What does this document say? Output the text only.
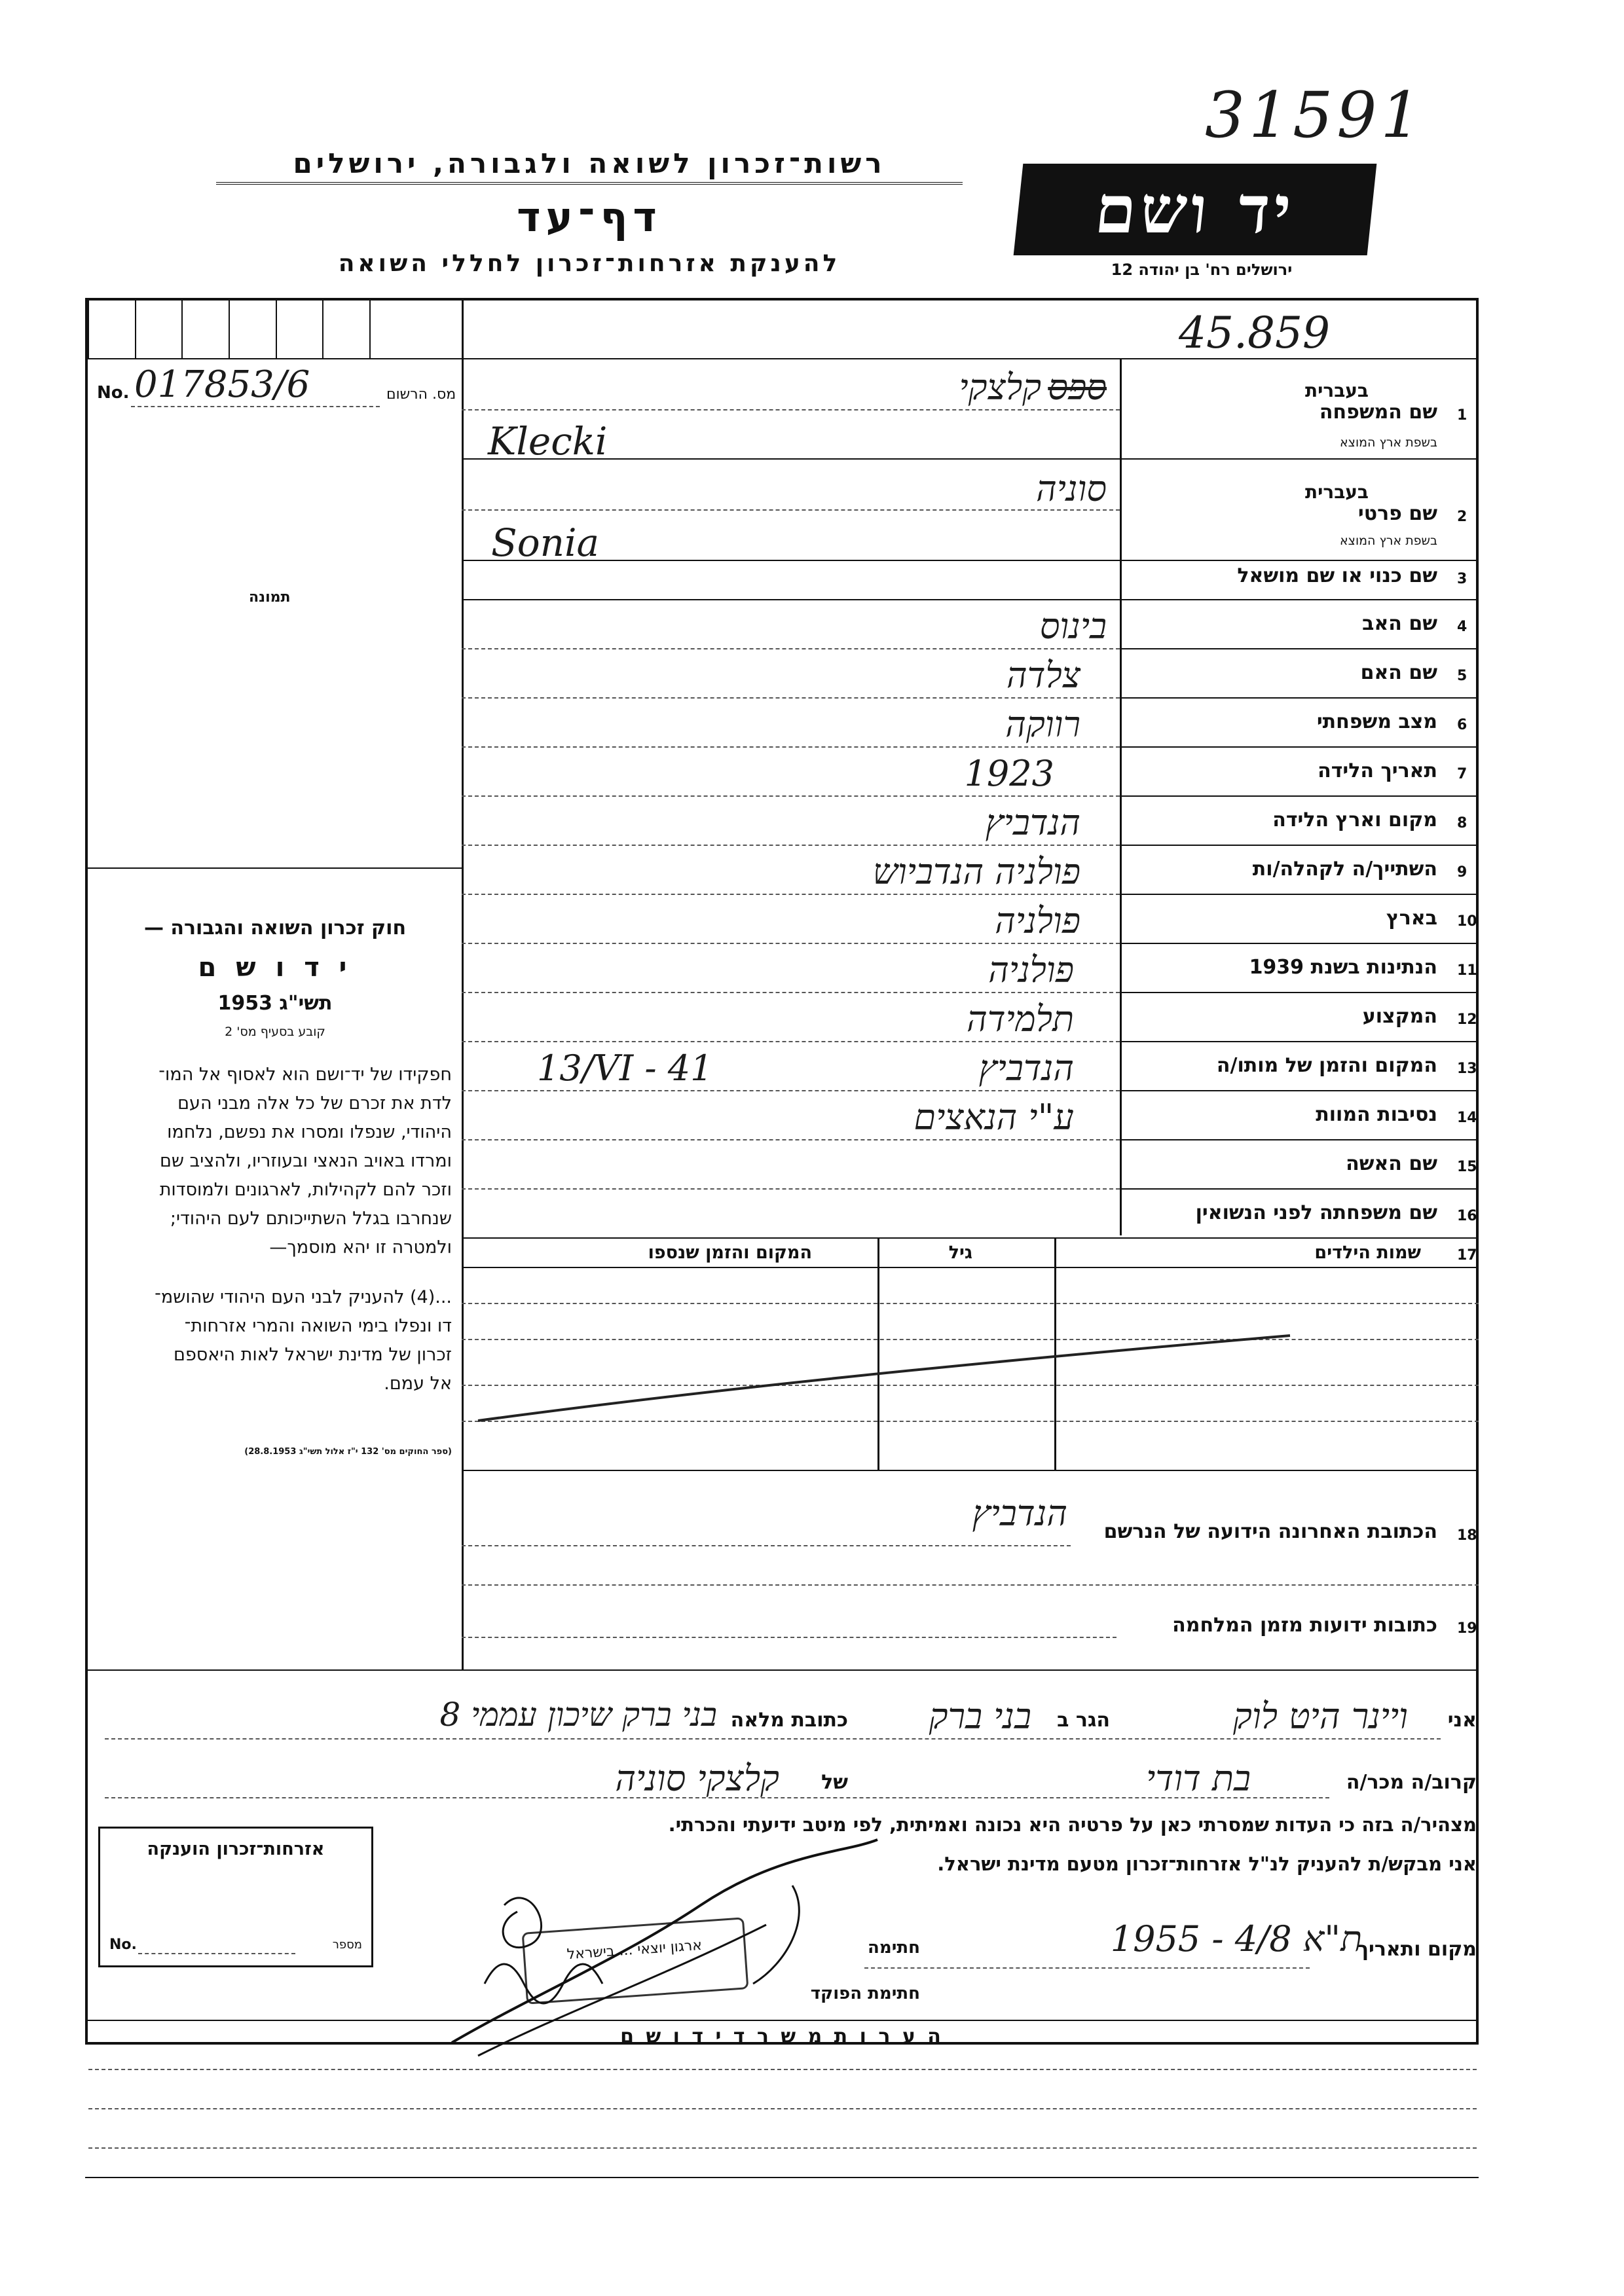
31591
רשות־זכרון לשואה ולגבורה, ירושלים
דף־עד
להענקת אזרחות־זכרון לחללי השואה
יד ושם
ירושלים רח' בן יהודה 12
45.859
No. 017853/6	מס. הרשום
תמונה
1
שם המשפחה
בעברית
בשפת ארץ המוצא
קלצקי ספס
Klecki
2
שם פרטי
בעברית
בשפת ארץ המוצא
סוניה
Sonia
3
שם כנוי או שם מושאל
4
שם האב
בינוס
5
שם האם
צלדה
6
מצב משפחתי
רווקה
7
תאריך הלידה
1923
8
מקום וארץ הלידה
הנדביץ
9
השתייך/ה לקהלה/ות
פולניה הנדביוש
10
בארץ
פולניה
11
הנתינות בשנת 1939
פולניה
12
המקצוע
תלמידה
13
המקום והזמן של מותו/ה
הנדביץ
13/VI - 41
14
נסיבות המוות
ע"י הנאצים
15
שם האשה
16
שם משפחתה לפני הנשואין
חוק זכרון השואה והגבורה —
י ד ו ש ם
תשי"ג 1953
קובע בסעיף מס' 2
חפקידו של יד־ושם הוא לאסוף אל המו־
לדת את זכרם של כל אלה מבני העם
היהודי, שנפלו ומסרו את נפשם, נלחמו
ומרדו באויב הנאצי ובעוזריו, ולהציב שם
וזכר להם לקהילות, לארגונים ולמוסדות
שנחרבו בגלל השתייכותם לעם היהודי;
ולמטרה זו יהא מוסמך—
...(4) להעניק לבני העם היהודי שהושמ־
דו ונפלו בימי השואה והמרי אזרחות־
זכרון של מדינת ישראל לאות היאספם
אל עמם.
(ספר החוקים מס' 132 י"ז אלול תשי"ג 28.8.1953)
17
שמות הילדים
גיל
המקום והזמן שנספו
18
הכתובת האחרונה הידועה של הנרשם
הנדביץ
19
כתובות ידועות מזמן המלחמה
אני
ויינר היט לוק
הגר ב
בני ברק
כתובת מלאה
בני ברק שיכון עממי 8
קרוב/ה מכר/ה
בת דודי
של
קלצקי סוניה
מצהיר/ה בזה כי העדות שמסרתי כאן על פרטיה היא נכונה ואמיתית, לפי מיטב ידיעתי והכרתי.
אני מבקש/ת להעניק לנ"ל אזרחות־זכרון מטעם מדינת ישראל.
מקום ותאריך
ת"א 4/8 - 1955
חתימה
חתימת הפוקד
ארגון יוצאי ... בישראל
אזרחות־זכרון הוענקה
No.	מספר
ה ע ר ו ת מ ש ר ד י ד ו ש ם
